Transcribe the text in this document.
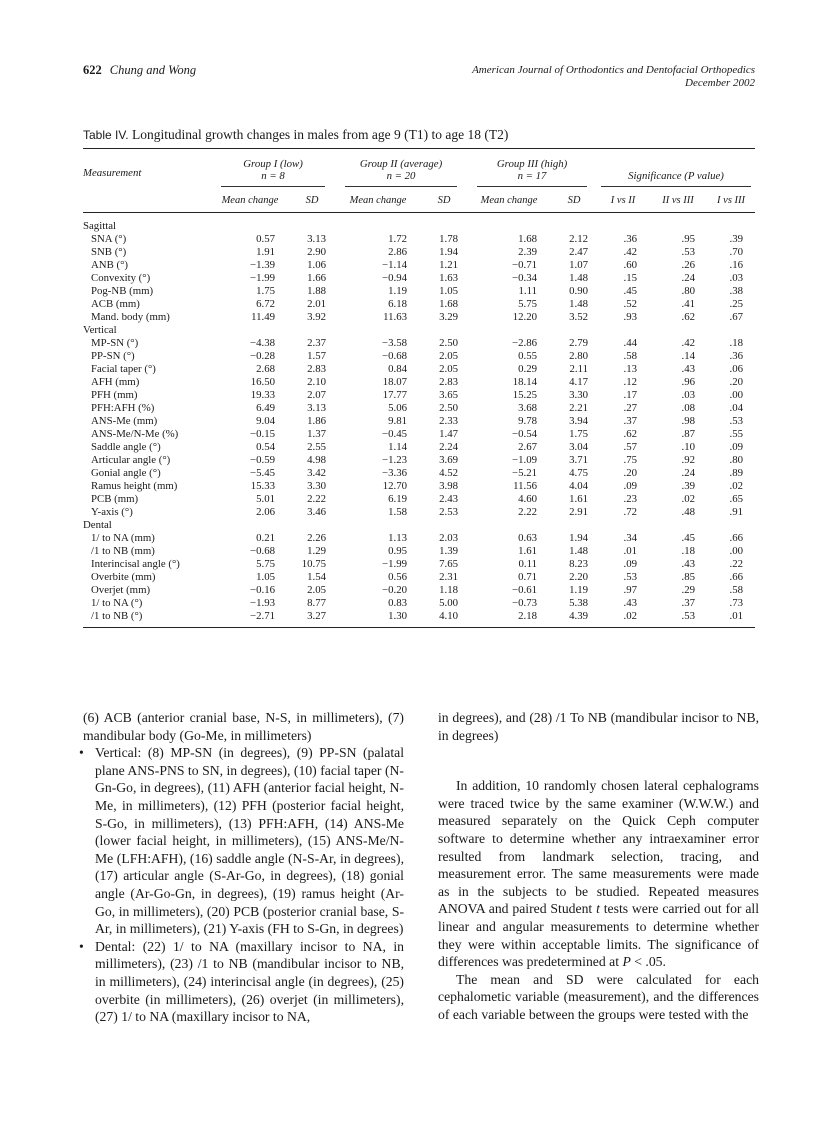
622 Chung and Wong	American Journal of Orthodontics and Dentofacial Orthopedics
December 2002
Table IV. Longitudinal growth changes in males from age 9 (T1) to age 18 (T2)
Measurement	Group I (low)
n = 8		Group II (average)
n = 20		Group III (high)
n = 17		Significance (P value)		

	Mean change	SD	Mean change	SD	Mean change	SD	I vs II	II vs III	I vs III
Sagittal									
SNA (°)	0.57	3.13	1.72	1.78	1.68	2.12	.36	.95	.39
SNB (°)	1.91	2.90	2.86	1.94	2.39	2.47	.42	.53	.70
ANB (°)	−1.39	1.06	−1.14	1.21	−0.71	1.07	.60	.26	.16
Convexity (°)	−1.99	1.66	−0.94	1.63	−0.34	1.48	.15	.24	.03
Pog-NB (mm)	1.75	1.88	1.19	1.05	1.11	0.90	.45	.80	.38
ACB (mm)	6.72	2.01	6.18	1.68	5.75	1.48	.52	.41	.25
Mand. body (mm)	11.49	3.92	11.63	3.29	12.20	3.52	.93	.62	.67
Vertical									
MP-SN (°)	−4.38	2.37	−3.58	2.50	−2.86	2.79	.44	.42	.18
PP-SN (°)	−0.28	1.57	−0.68	2.05	0.55	2.80	.58	.14	.36
Facial taper (°)	2.68	2.83	0.84	2.05	0.29	2.11	.13	.43	.06
AFH (mm)	16.50	2.10	18.07	2.83	18.14	4.17	.12	.96	.20
PFH (mm)	19.33	2.07	17.77	3.65	15.25	3.30	.17	.03	.00
PFH:AFH (%)	6.49	3.13	5.06	2.50	3.68	2.21	.27	.08	.04
ANS-Me (mm)	9.04	1.86	9.81	2.33	9.78	3.94	.37	.98	.53
ANS-Me/N-Me (%)	−0.15	1.37	−0.45	1.47	−0.54	1.75	.62	.87	.55
Saddle angle (°)	0.54	2.55	1.14	2.24	2.67	3.04	.57	.10	.09
Articular angle (°)	−0.59	4.98	−1.23	3.69	−1.09	3.71	.75	.92	.80
Gonial angle (°)	−5.45	3.42	−3.36	4.52	−5.21	4.75	.20	.24	.89
Ramus height (mm)	15.33	3.30	12.70	3.98	11.56	4.04	.09	.39	.02
PCB (mm)	5.01	2.22	6.19	2.43	4.60	1.61	.23	.02	.65
Y-axis (°)	2.06	3.46	1.58	2.53	2.22	2.91	.72	.48	.91
Dental									
1/ to NA (mm)	0.21	2.26	1.13	2.03	0.63	1.94	.34	.45	.66
/1 to NB (mm)	−0.68	1.29	0.95	1.39	1.61	1.48	.01	.18	.00
Interincisal angle (°)	5.75	10.75	−1.99	7.65	0.11	8.23	.09	.43	.22
Overbite (mm)	1.05	1.54	0.56	2.31	0.71	2.20	.53	.85	.66
Overjet (mm)	−0.16	2.05	−0.20	1.18	−0.61	1.19	.97	.29	.58
1/ to NA (°)	−1.93	8.77	0.83	5.00	−0.73	5.38	.43	.37	.73
/1 to NB (°)	−2.71	3.27	1.30	4.10	2.18	4.39	.02	.53	.01

(6) ACB (anterior cranial base, N-S, in millimeters), (7) mandibular body (Go-Me, in millimeters)

• Vertical: (8) MP-SN (in degrees), (9) PP-SN (palatal plane ANS-PNS to SN, in degrees), (10) facial taper (N-Gn-Go, in degrees), (11) AFH (anterior facial height, N-Me, in millimeters), (12) PFH (posterior facial height, S-Go, in millimeters), (13) PFH:AFH, (14) ANS-Me (lower facial height, in millimeters), (15) ANS-Me/N-Me (LFH:AFH), (16) saddle angle (N-S-Ar, in degrees), (17) articular angle (S-Ar-Go, in degrees), (18) gonial angle (Ar-Go-Gn, in degrees), (19) ramus height (Ar-Go, in millimeters), (20) PCB (posterior cranial base, S-Ar, in millimeters), (21) Y-axis (FH to S-Gn, in degrees)

• Dental: (22) 1/ to NA (maxillary incisor to NA, in millimeters), (23) /1 to NB (mandibular incisor to NB, in millimeters), (24) interincisal angle (in degrees), (25) overbite (in millimeters), (26) overjet (in millimeters), (27) 1/ to NA (maxillary incisor to NA,

in degrees), and (28) /1 To NB (mandibular incisor to NB, in degrees)

In addition, 10 randomly chosen lateral cephalograms were traced twice by the same examiner (W.W.W.) and measured separately on the Quick Ceph computer software to determine whether any intraexaminer error resulted from landmark selection, tracing, and measurement error. The same measurements were made as in the subjects to be studied. Repeated measures ANOVA and paired Student t tests were carried out for all linear and angular measurements to determine whether they were within acceptable limits. The significance of differences was predetermined at P < .05.

The mean and SD were calculated for each cephalometic variable (measurement), and the differences of each variable between the groups were tested with the
